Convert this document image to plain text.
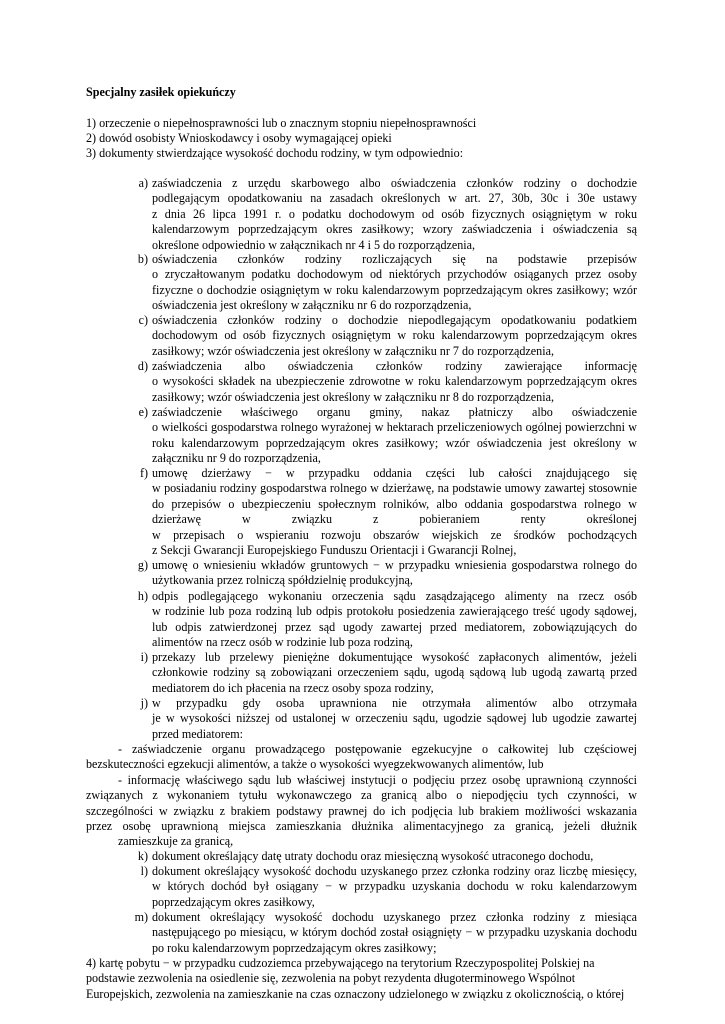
Specjalny zasiłek opiekuńczy
1) orzeczenie o niepełnosprawności lub o znacznym stopniu niepełnosprawności
2) dowód osobisty Wnioskodawcy i osoby wymagającej opieki
3) dokumenty stwierdzające wysokość dochodu rodziny, w tym odpowiednio:
a) zaświadczenia z urzędu skarbowego albo oświadczenia członków rodziny o dochodzie
podlegającym opodatkowaniu na zasadach określonych w art. 27, 30b, 30c i 30e ustawy
z dnia 26 lipca 1991 r. o podatku dochodowym od osób fizycznych osiągniętym w roku
kalendarzowym poprzedzającym okres zasiłkowy; wzory zaświadczenia i oświadczenia są
określone odpowiednio w załącznikach nr 4 i 5 do rozporządzenia,
b) oświadczenia członków rodziny rozliczających się na podstawie przepisów
o zryczałtowanym podatku dochodowym od niektórych przychodów osiąganych przez osoby
fizyczne o dochodzie osiągniętym w roku kalendarzowym poprzedzającym okres zasiłkowy; wzór
oświadczenia jest określony w załączniku nr 6 do rozporządzenia,
c) oświadczenia członków rodziny o dochodzie niepodlegającym opodatkowaniu podatkiem
dochodowym od osób fizycznych osiągniętym w roku kalendarzowym poprzedzającym okres
zasiłkowy; wzór oświadczenia jest określony w załączniku nr 7 do rozporządzenia,
d) zaświadczenia albo oświadczenia członków rodziny zawierające informację
o wysokości składek na ubezpieczenie zdrowotne w roku kalendarzowym poprzedzającym okres
zasiłkowy; wzór oświadczenia jest określony w załączniku nr 8 do rozporządzenia,
e) zaświadczenie właściwego organu gminy, nakaz płatniczy albo oświadczenie
o wielkości gospodarstwa rolnego wyrażonej w hektarach przeliczeniowych ogólnej powierzchni w
roku kalendarzowym poprzedzającym okres zasiłkowy; wzór oświadczenia jest określony w
załączniku nr 9 do rozporządzenia,
f) umowę dzierżawy − w przypadku oddania części lub całości znajdującego się
w posiadaniu rodziny gospodarstwa rolnego w dzierżawę, na podstawie umowy zawartej stosownie
do przepisów o ubezpieczeniu społecznym rolników, albo oddania gospodarstwa rolnego w
dzierżawę w związku z pobieraniem renty określonej
w przepisach o wspieraniu rozwoju obszarów wiejskich ze środków pochodzących
z Sekcji Gwarancji Europejskiego Funduszu Orientacji i Gwarancji Rolnej,
g) umowę o wniesieniu wkładów gruntowych − w przypadku wniesienia gospodarstwa rolnego do
użytkowania przez rolniczą spółdzielnię produkcyjną,
h) odpis podlegającego wykonaniu orzeczenia sądu zasądzającego alimenty na rzecz osób
w rodzinie lub poza rodziną lub odpis protokołu posiedzenia zawierającego treść ugody sądowej,
lub odpis zatwierdzonej przez sąd ugody zawartej przed mediatorem, zobowiązujących do
alimentów na rzecz osób w rodzinie lub poza rodziną,
i) przekazy lub przelewy pieniężne dokumentujące wysokość zapłaconych alimentów, jeżeli
członkowie rodziny są zobowiązani orzeczeniem sądu, ugodą sądową lub ugodą zawartą przed
mediatorem do ich płacenia na rzecz osoby spoza rodziny,
j) w przypadku gdy osoba uprawniona nie otrzymała alimentów albo otrzymała
je w wysokości niższej od ustalonej w orzeczeniu sądu, ugodzie sądowej lub ugodzie zawartej
przed mediatorem:
- zaświadczenie organu prowadzącego postępowanie egzekucyjne o całkowitej lub częściowej
bezskuteczności egzekucji alimentów, a także o wysokości wyegzekwowanych alimentów, lub
- informację właściwego sądu lub właściwej instytucji o podjęciu przez osobę uprawnioną czynności
związanych z wykonaniem tytułu wykonawczego za granicą albo o niepodjęciu tych czynności, w
szczególności w związku z brakiem podstawy prawnej do ich podjęcia lub brakiem możliwości wskazania
przez osobę uprawnioną miejsca zamieszkania dłużnika alimentacyjnego za granicą, jeżeli dłużnik
zamieszkuje za granicą,
k) dokument określający datę utraty dochodu oraz miesięczną wysokość utraconego dochodu,
l) dokument określający wysokość dochodu uzyskanego przez członka rodziny oraz liczbę miesięcy,
w których dochód był osiągany − w przypadku uzyskania dochodu w roku kalendarzowym
poprzedzającym okres zasiłkowy,
m) dokument określający wysokość dochodu uzyskanego przez członka rodziny z miesiąca
następującego po miesiącu, w którym dochód został osiągnięty − w przypadku uzyskania dochodu
po roku kalendarzowym poprzedzającym okres zasiłkowy;
4) kartę pobytu − w przypadku cudzoziemca przebywającego na terytorium Rzeczypospolitej Polskiej na
podstawie zezwolenia na osiedlenie się, zezwolenia na pobyt rezydenta długoterminowego Wspólnot
Europejskich, zezwolenia na zamieszkanie na czas oznaczony udzielonego w związku z okolicznością, o której
